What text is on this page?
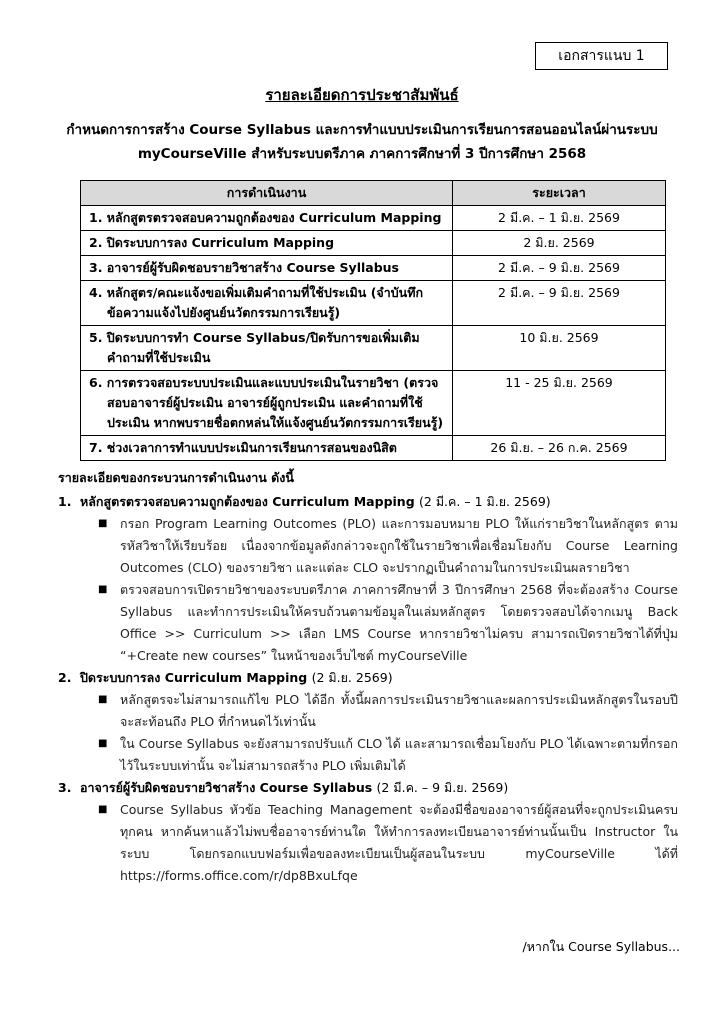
เอกสารแนบ 1
รายละเอียดการประชาสัมพันธ์
กำหนดการการสร้าง Course Syllabus และการทำแบบประเมินการเรียนการสอนออนไลน์ผ่านระบบ
myCourseVille สำหรับระบบตรีภาค ภาคการศึกษาที่ 3 ปีการศึกษา 2568
การดำเนินงาน	ระยะเวลา
1. หลักสูตรตรวจสอบความถูกต้องของ Curriculum Mapping	2 มี.ค. – 1 มิ.ย. 2569
2. ปิดระบบการลง Curriculum Mapping	2 มิ.ย. 2569
3. อาจารย์ผู้รับผิดชอบรายวิชาสร้าง Course Syllabus	2 มี.ค. – 9 มิ.ย. 2569
4. หลักสูตร/คณะแจ้งขอเพิ่มเติมคำถามที่ใช้ประเมิน (จำบันทึกข้อความแจ้งไปยังศูนย์นวัตกรรมการเรียนรู้)	2 มี.ค. – 9 มิ.ย. 2569
5. ปิดระบบการทำ Course Syllabus/ปิดรับการขอเพิ่มเติมคำถามที่ใช้ประเมิน	10 มิ.ย. 2569
6. การตรวจสอบระบบประเมินและแบบประเมินในรายวิชา (ตรวจสอบอาจารย์ผู้ประเมิน อาจารย์ผู้ถูกประเมิน และคำถามที่ใช้ประเมิน หากพบรายชื่อตกหล่นให้แจ้งศูนย์นวัตกรรมการเรียนรู้)	11 - 25 มิ.ย. 2569
7. ช่วงเวลาการทำแบบประเมินการเรียนการสอนของนิสิต	26 มิ.ย. – 26 ก.ค. 2569
รายละเอียดของกระบวนการดำเนินงาน ดังนี้
1. หลักสูตรตรวจสอบความถูกต้องของ Curriculum Mapping (2 มี.ค. – 1 มิ.ย. 2569)
■ กรอก Program Learning Outcomes (PLO) และการมอบหมาย PLO ให้แก่รายวิชาในหลักสูตร ตามรหัสวิชาให้เรียบร้อย เนื่องจากข้อมูลดังกล่าวจะถูกใช้ในรายวิชาเพื่อเชื่อมโยงกับ Course Learning Outcomes (CLO) ของรายวิชา และแต่ละ CLO จะปรากฏเป็นคำถามในการประเมินผลรายวิชา
■ ตรวจสอบการเปิดรายวิชาของระบบตรีภาค ภาคการศึกษาที่ 3 ปีการศึกษา 2568 ที่จะต้องสร้าง Course Syllabus และทำการประเมินให้ครบถ้วนตามข้อมูลในเล่มหลักสูตร โดยตรวจสอบได้จากเมนู Back Office >> Curriculum >> เลือก LMS Course หากรายวิชาไม่ครบ สามารถเปิดรายวิชาได้ที่ปุ่ม “+Create new courses” ในหน้าของเว็บไซต์ myCourseVille
2. ปิดระบบการลง Curriculum Mapping (2 มิ.ย. 2569)
■ หลักสูตรจะไม่สามารถแก้ไข PLO ได้อีก ทั้งนี้ผลการประเมินรายวิชาและผลการประเมินหลักสูตรในรอบปีจะสะท้อนถึง PLO ที่กำหนดไว้เท่านั้น
■ ใน Course Syllabus จะยังสามารถปรับแก้ CLO ได้ และสามารถเชื่อมโยงกับ PLO ได้เฉพาะตามที่กรอกไว้ในระบบเท่านั้น จะไม่สามารถสร้าง PLO เพิ่มเติมได้
3. อาจารย์ผู้รับผิดชอบรายวิชาสร้าง Course Syllabus (2 มี.ค. – 9 มิ.ย. 2569)
■ Course Syllabus หัวข้อ Teaching Management จะต้องมีชื่อของอาจารย์ผู้สอนที่จะถูกประเมินครบทุกคน หากค้นหาแล้วไม่พบชื่ออาจารย์ท่านใด ให้ทำการลงทะเบียนอาจารย์ท่านนั้นเป็น Instructor ในระบบ โดยกรอกแบบฟอร์มเพื่อขอลงทะเบียนเป็นผู้สอนในระบบ myCourseVille ได้ที่ https://forms.office.com/r/dp8BxuLfqe
/หากใน Course Syllabus...
